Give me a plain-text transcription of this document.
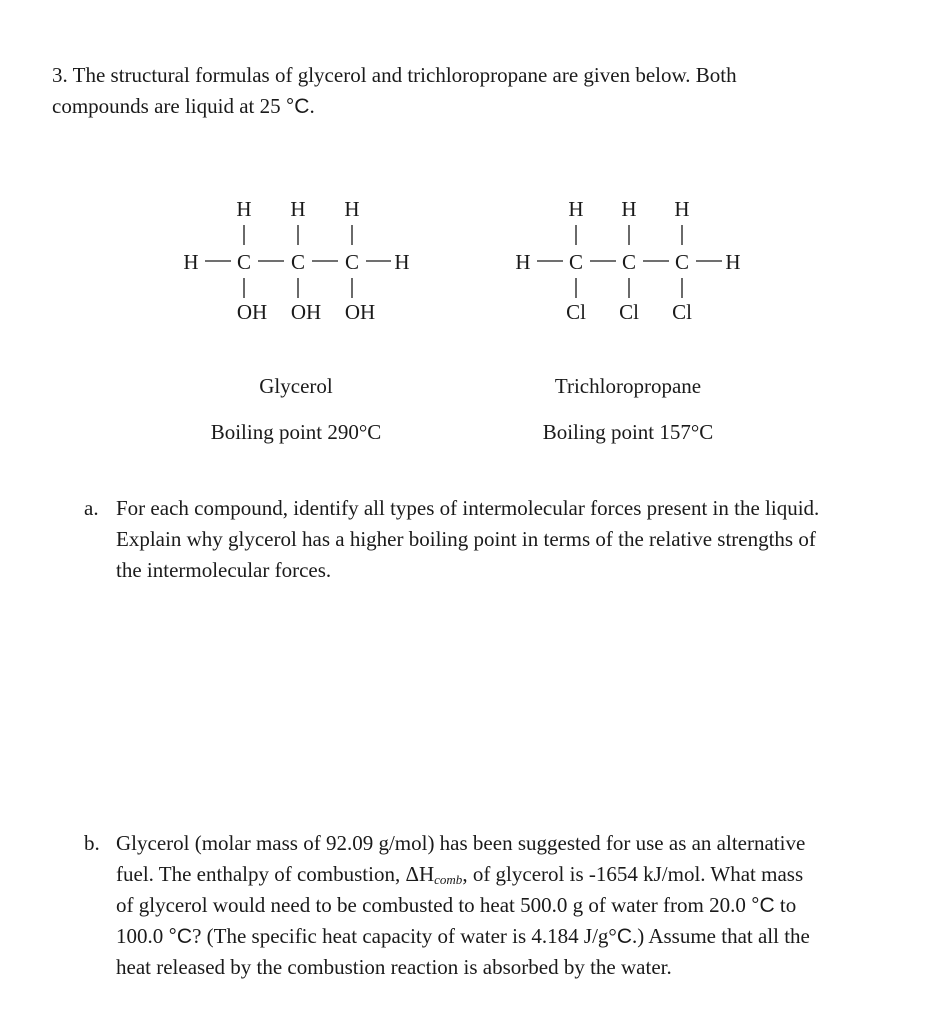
3. The structural formulas of glycerol and trichloropropane are given below. Both
compounds are liquid at 25 °C.
H H H
H C C C H
OH OH OH
H H H
H C C C H
Cl Cl Cl
Glycerol
Boiling point 290°C
Trichloropropane
Boiling point 157°C
a. For each compound, identify all types of intermolecular forces present in the liquid.
Explain why glycerol has a higher boiling point in terms of the relative strengths of
the intermolecular forces.
b. Glycerol (molar mass of 92.09 g/mol) has been suggested for use as an alternative
fuel. The enthalpy of combustion, $\Delta H_{comb}$, of glycerol is -1654 kJ/mol. What mass
of glycerol would need to be combusted to heat 500.0 g of water from 20.0 °C to
100.0 °C? (The specific heat capacity of water is 4.184 J/g°C.) Assume that all the
heat released by the combustion reaction is absorbed by the water.
